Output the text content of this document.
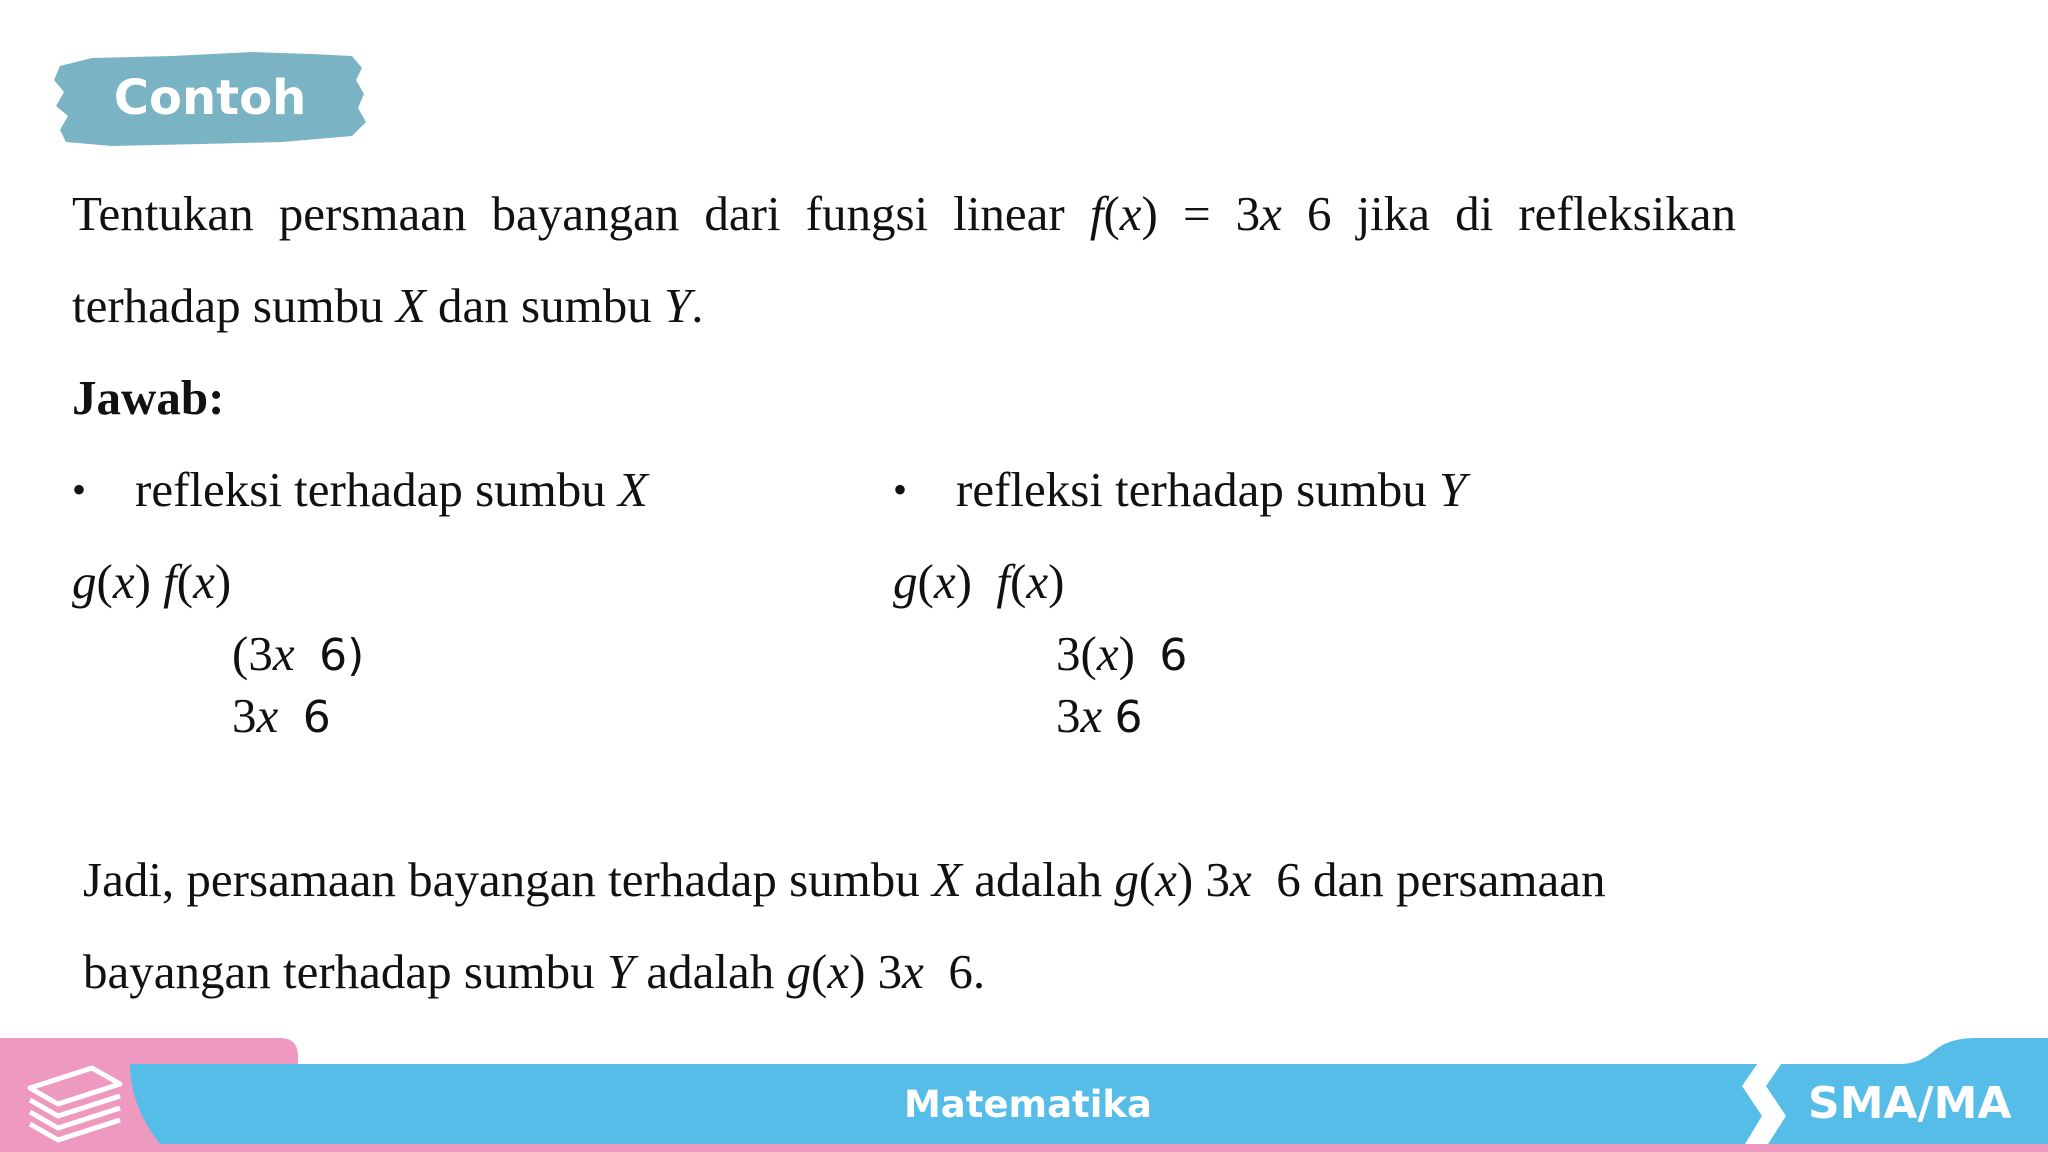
Contoh
Tentukan persmaan bayangan dari fungsi linear f(x) = 3x 6 jika di refleksikan
terhadap sumbu X dan sumbu Y.
Jawab:
• refleksi terhadap sumbu X
g(x) f(x)
(3x 6)
3x 6
• refleksi terhadap sumbu Y
g(x)  f(x)
3(x) 6
3x 6
Jadi, persamaan bayangan terhadap sumbu X adalah g(x) 3x  6 dan persamaan
bayangan terhadap sumbu Y adalah g(x) 3x  6.
Matematika	SMA/MA
